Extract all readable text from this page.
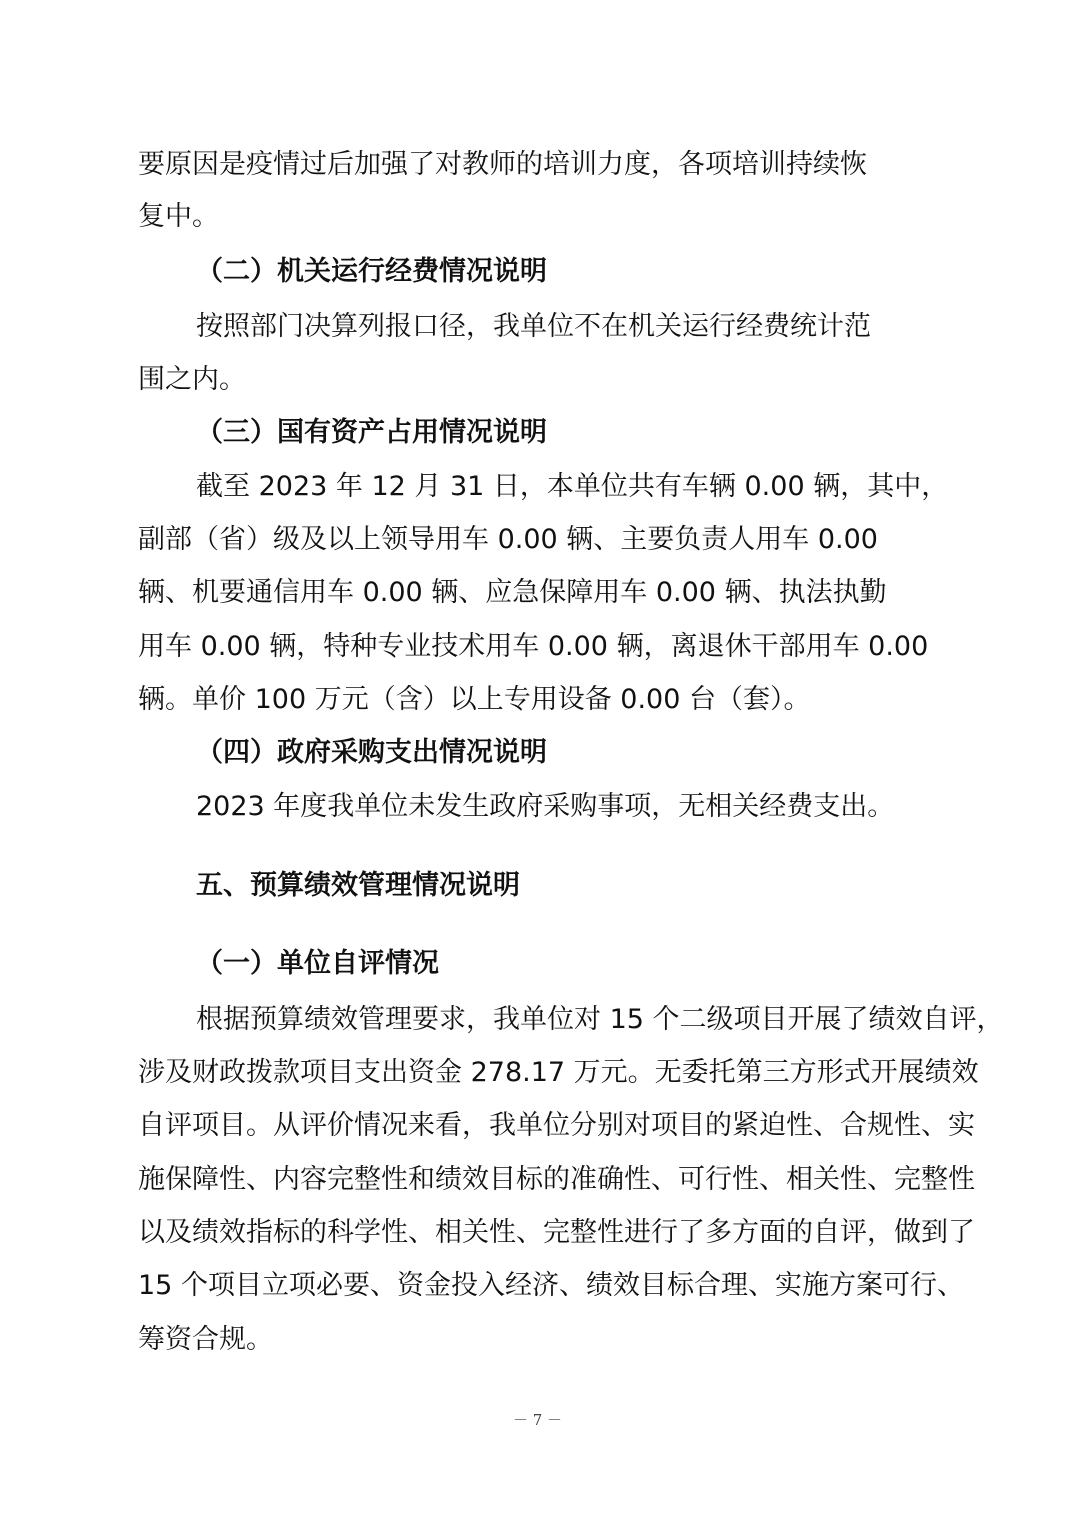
要原因是疫情过后加强了对教师的培训力度，各项培训持续恢
复中。
（二）机关运行经费情况说明
按照部门决算列报口径，我单位不在机关运行经费统计范
围之内。
（三）国有资产占用情况说明
截至 2023 年 12 月 31 日，本单位共有车辆 0.00 辆，其中，
副部（省）级及以上领导用车 0.00 辆、主要负责人用车 0.00
辆、机要通信用车 0.00 辆、应急保障用车 0.00 辆、执法执勤
用车 0.00 辆，特种专业技术用车 0.00 辆，离退休干部用车 0.00
辆。单价 100 万元（含）以上专用设备 0.00 台（套）。
（四）政府采购支出情况说明
2023 年度我单位未发生政府采购事项，无相关经费支出。
五、预算绩效管理情况说明
（一）单位自评情况
根据预算绩效管理要求，我单位对 15 个二级项目开展了绩效自评，
涉及财政拨款项目支出资金 278.17 万元。无委托第三方形式开展绩效
自评项目。从评价情况来看，我单位分别对项目的紧迫性、合规性、实
施保障性、内容完整性和绩效目标的准确性、可行性、相关性、完整性
以及绩效指标的科学性、相关性、完整性进行了多方面的自评，做到了
15 个项目立项必要、资金投入经济、绩效目标合理、实施方案可行、
筹资合规。
－ 7 －
